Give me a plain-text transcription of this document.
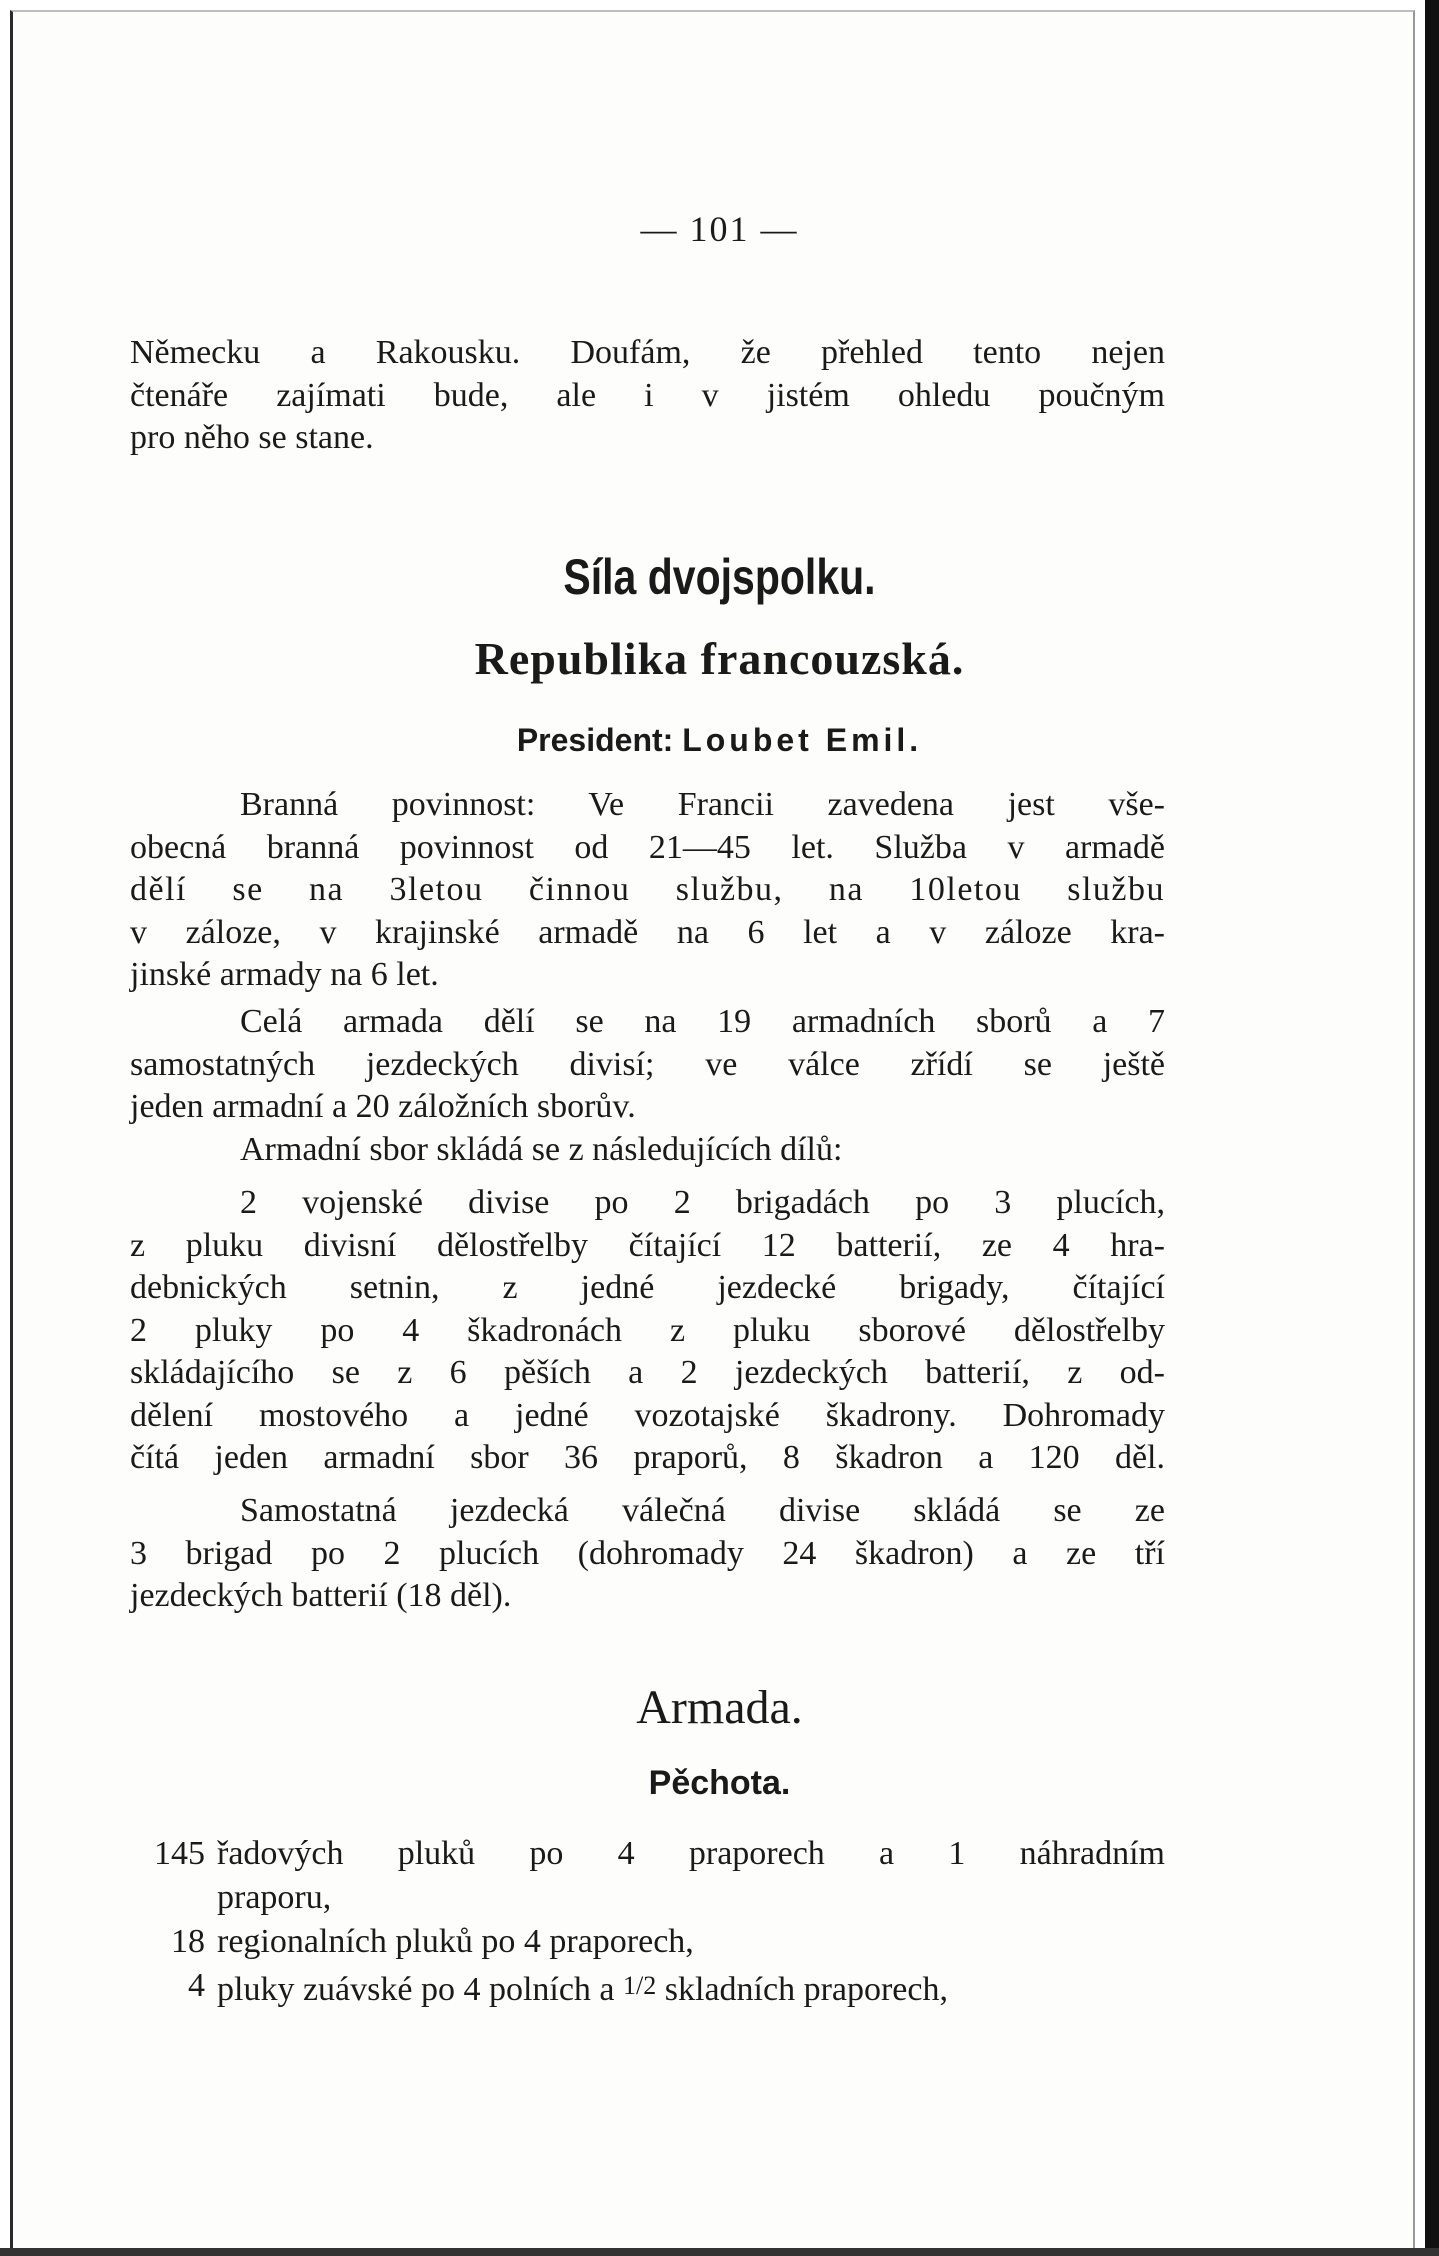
— 101 —
Německu a Rakousku. Doufám, že přehled tento nejen
čtenáře zajímati bude, ale i v jistém ohledu poučným
pro něho se stane.
Síla dvojspolku.
Republika francouzská.
President: Loubet Emil.
Branná povinnost: Ve Francii zavedena jest vše-
obecná branná povinnost od 21—45 let. Služba v armadě
dělí se na 3letou činnou službu, na 10letou službu
v záloze, v krajinské armadě na 6 let a v záloze kra-
jinské armady na 6 let.
Celá armada dělí se na 19 armadních sborů a 7
samostatných jezdeckých divisí; ve válce zřídí se ještě
jeden armadní a 20 záložních sborův.
Armadní sbor skládá se z následujících dílů:
2 vojenské divise po 2 brigadách po 3 plucích,
z pluku divisní dělostřelby čítající 12 batterií, ze 4 hra-
debnických setnin, z jedné jezdecké brigady, čítající
2 pluky po 4 škadronách z pluku sborové dělostřelby
skládajícího se z 6 pěších a 2 jezdeckých batterií, z od-
dělení mostového a jedné vozotajské škadrony. Dohromady
čítá jeden armadní sbor 36 praporů, 8 škadron a 120 děl.
Samostatná jezdecká válečná divise skládá se ze
3 brigad po 2 plucích (dohromady 24 škadron) a ze tří
jezdeckých batterií (18 děl).
Armada.
Pěchota.
145 řadových pluků po 4 praporech a 1 náhradním
praporu,
18 regionalních pluků po 4 praporech,
4 pluky zuávské po 4 polních a 1/2 skladních praporech,
